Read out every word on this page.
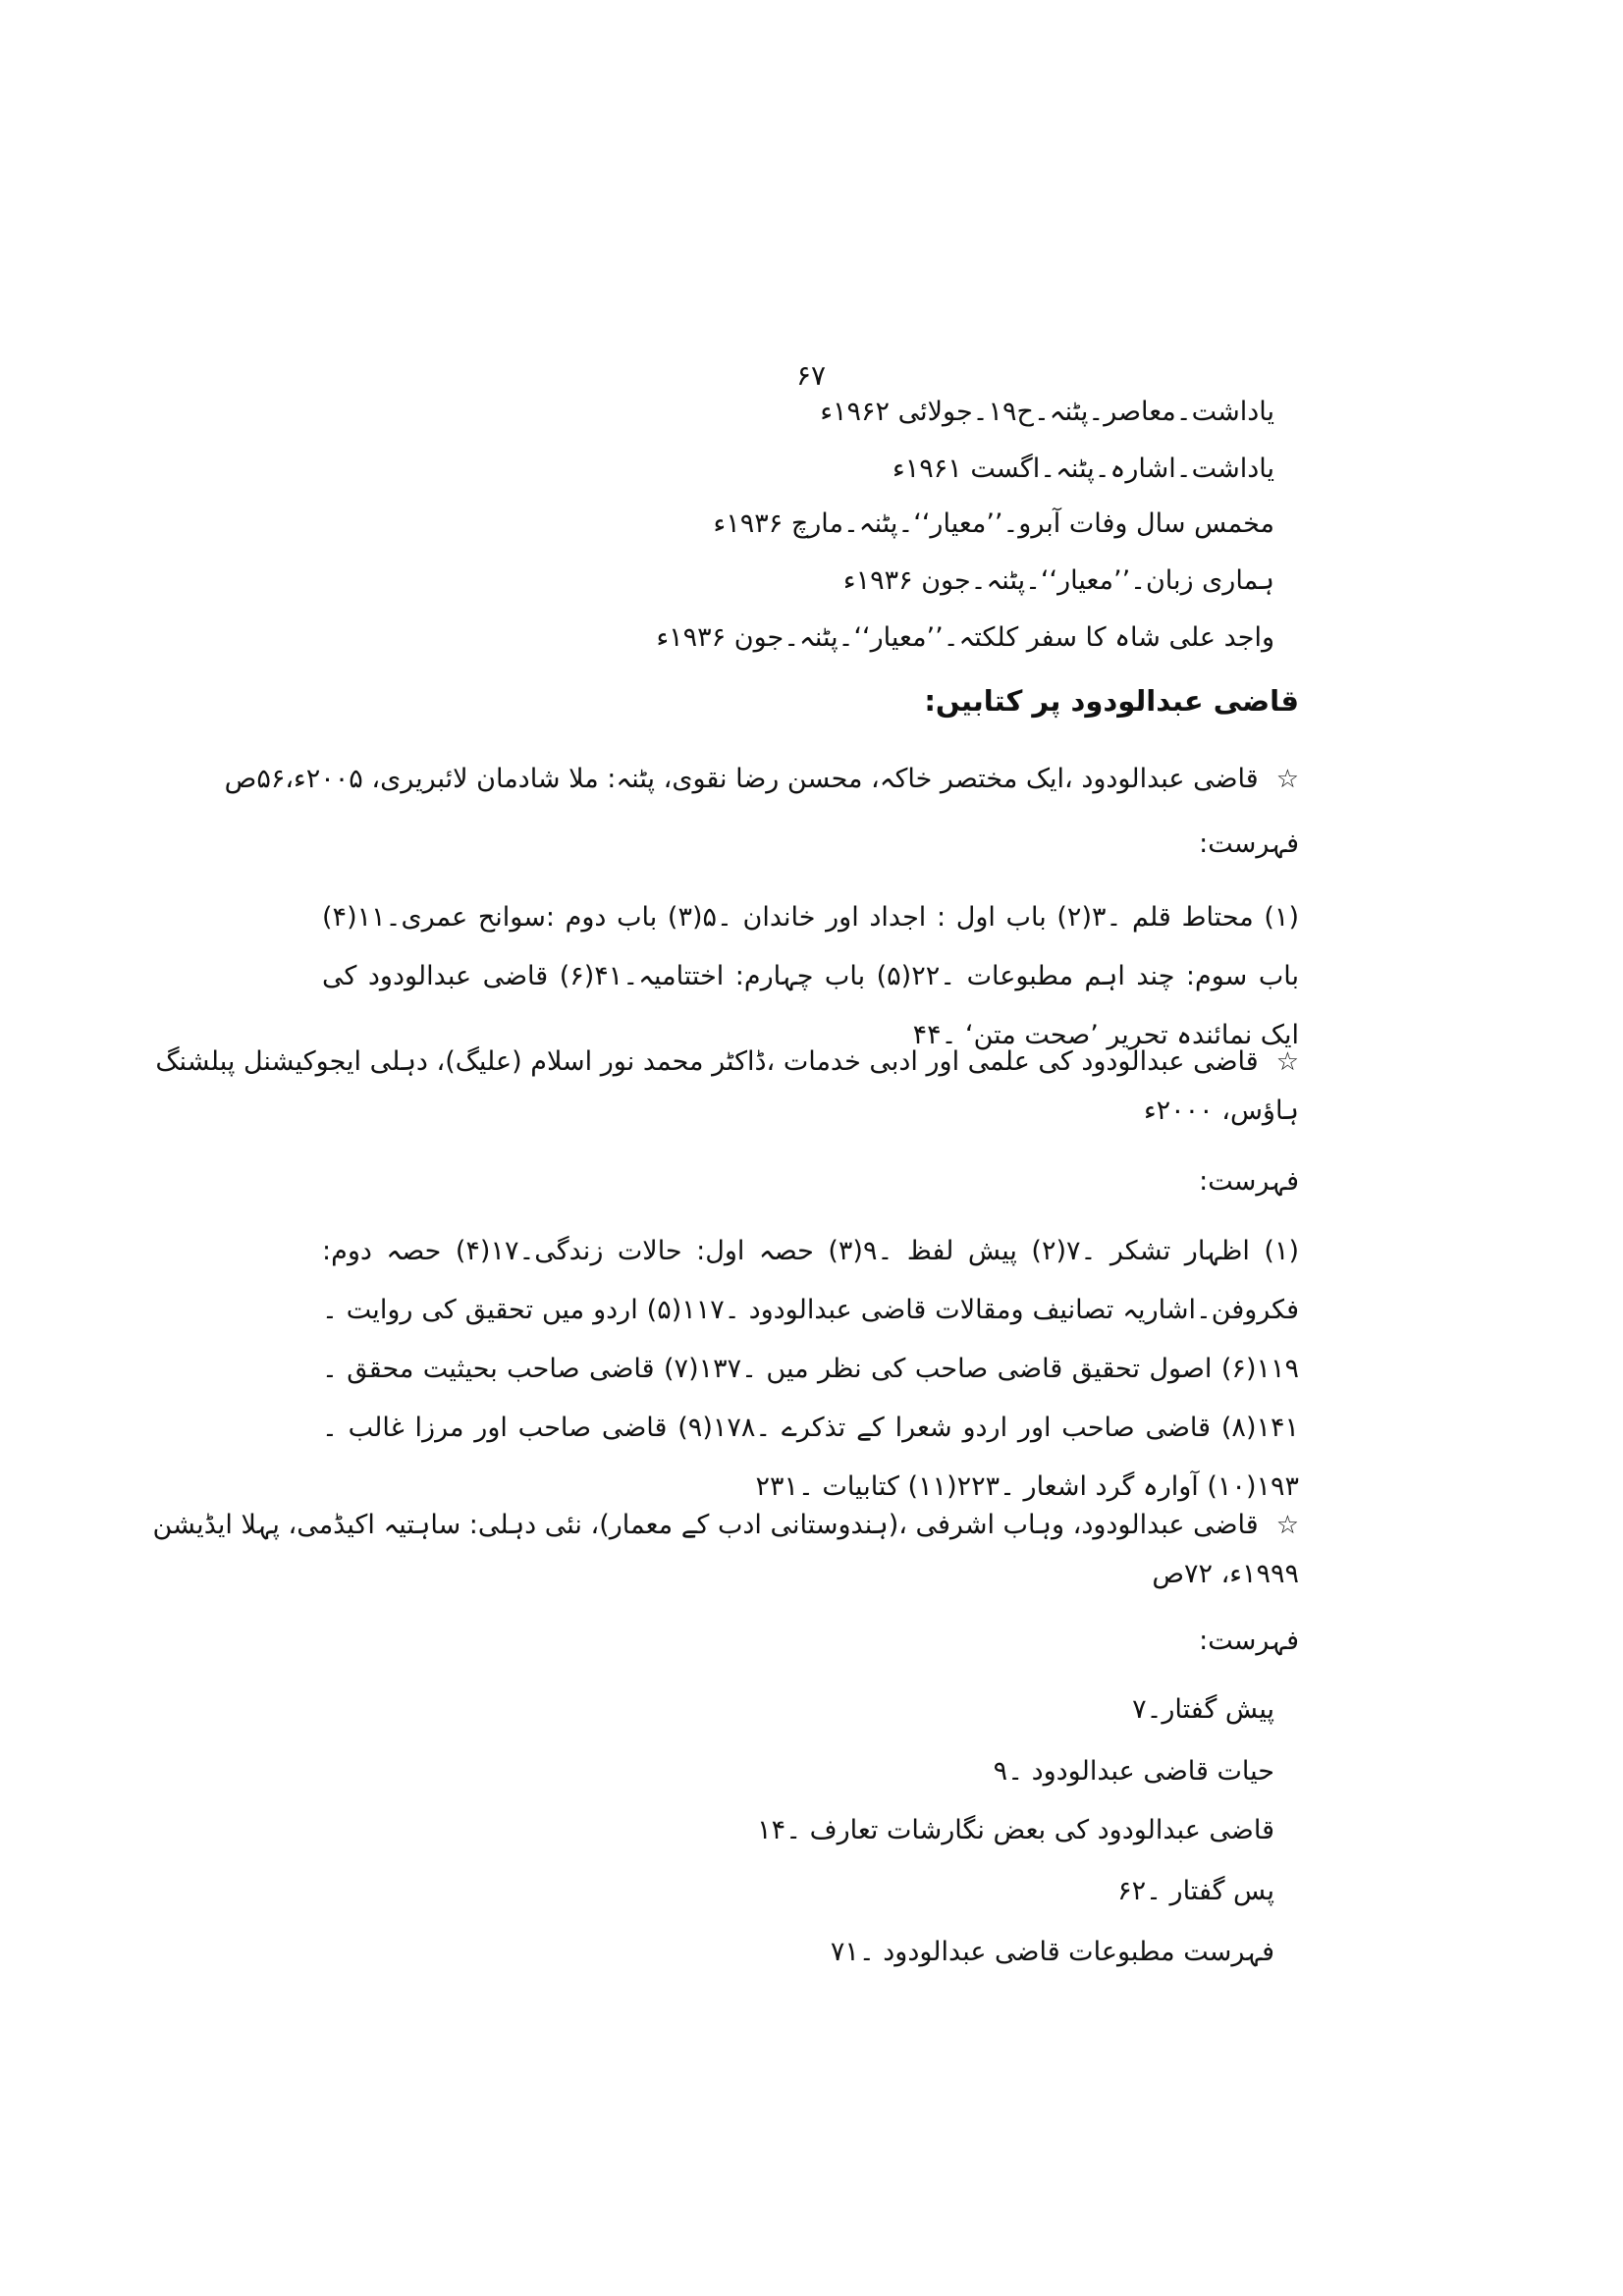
۶۷
یاداشت۔معاصر۔پٹنہ۔ح۱۹۔جولائی ۱۹۶۲ء
یاداشت۔اشارہ۔پٹنہ۔اگست ۱۹۶۱ء
مخمس سال وفات آبرو۔’’معیار‘‘۔پٹنہ۔مارچ ۱۹۳۶ء
ہماری زبان۔’’معیار‘‘۔پٹنہ۔جون ۱۹۳۶ء
واجد علی شاہ کا سفر کلکتہ۔’’معیار‘‘۔پٹنہ۔جون ۱۹۳۶ء
قاضی عبدالودود پر کتابیں:
☆قاضی عبدالودود ،ایک مختصر خاکہ، محسن رضا نقوی، پٹنہ: ملا شادمان لائبریری، ۲۰۰۵ء،۵۶ص
فہرست:
(۱) محتاط قلم ۔۳(۲) باب اول : اجداد اور خاندان ۔۵(۳) باب دوم :سوانح عمری۔۱۱(۴) باب سوم: چند اہم مطبوعات ۔۲۲(۵) باب چہارم: اختتامیہ۔۴۱(۶) قاضی عبدالودود کی ایک نمائندہ تحریر ’صحت متن‘ ۔۴۴
☆قاضی عبدالودود کی علمی اور ادبی خدمات ،ڈاکٹر محمد نور اسلام (علیگ)، دہلی ایجوکیشنل پبلشنگ
ہاؤس، ۲۰۰۰ء
فہرست:
(۱) اظہار تشکر ۔۷(۲) پیش لفظ ۔۹(۳) حصہ اول: حالات زندگی۔۱۷(۴) حصہ دوم: فکروفن۔اشاریہ تصانیف ومقالات قاضی عبدالودود ۔۱۱۷(۵) اردو میں تحقیق کی روایت ۔۱۱۹(۶) اصول تحقیق قاضی صاحب کی نظر میں ۔۱۳۷(۷) قاضی صاحب بحیثیت محقق ۔۱۴۱(۸) قاضی صاحب اور اردو شعرا کے تذکرے ۔۱۷۸(۹) قاضی صاحب اور مرزا غالب ۔۱۹۳(۱۰) آوارہ گرد اشعار ۔۲۲۳(۱۱) کتابیات ۔۲۳۱
☆قاضی عبدالودود، وہاب اشرفی ،(ہندوستانی ادب کے معمار)، نئی دہلی: ساہتیہ اکیڈمی، پہلا ایڈیشن
۱۹۹۹ء، ۷۲ص
فہرست:
پیش گفتار۔۷
حیات قاضی عبدالودود ۔۹
قاضی عبدالودود کی بعض نگارشات تعارف ۔۱۴
پس گفتار ۔۶۲
فہرست مطبوعات قاضی عبدالودود ۔۷۱
